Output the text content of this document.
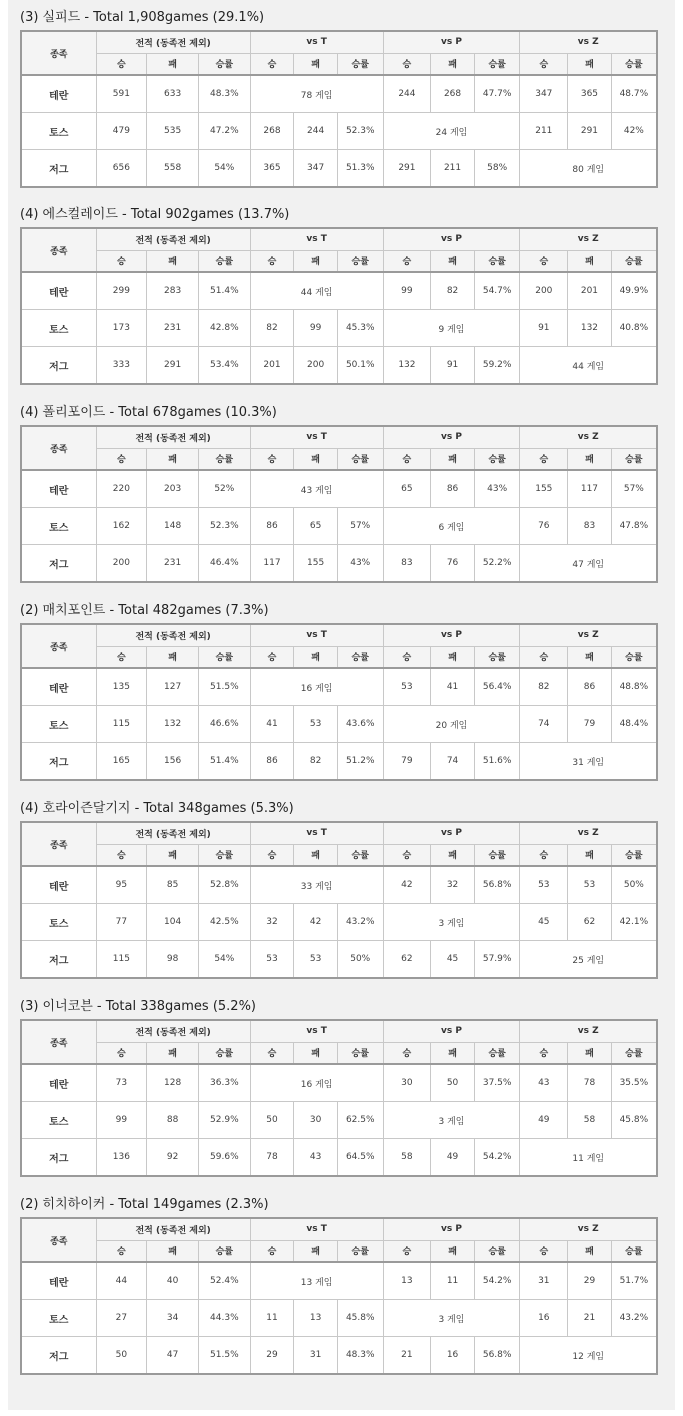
(3) 실피드 - Total 1,908games (29.1%)
종족	전적 (동족전 제외)			vs T			vs P			vs Z		
	승	패	승률	승	패	승률	승	패	승률	승	패	승률
테란	591	633	48.3%	78 게임			244	268	47.7%	347	365	48.7%
토스	479	535	47.2%	268	244	52.3%	24 게임			211	291	42%
저그	656	558	54%	365	347	51.3%	291	211	58%	80 게임		
(4) 에스컬레이드 - Total 902games (13.7%)
종족	전적 (동족전 제외)			vs T			vs P			vs Z		
	승	패	승률	승	패	승률	승	패	승률	승	패	승률
테란	299	283	51.4%	44 게임			99	82	54.7%	200	201	49.9%
토스	173	231	42.8%	82	99	45.3%	9 게임			91	132	40.8%
저그	333	291	53.4%	201	200	50.1%	132	91	59.2%	44 게임		
(4) 폴리포이드 - Total 678games (10.3%)
종족	전적 (동족전 제외)			vs T			vs P			vs Z		
	승	패	승률	승	패	승률	승	패	승률	승	패	승률
테란	220	203	52%	43 게임			65	86	43%	155	117	57%
토스	162	148	52.3%	86	65	57%	6 게임			76	83	47.8%
저그	200	231	46.4%	117	155	43%	83	76	52.2%	47 게임		
(2) 매치포인트 - Total 482games (7.3%)
종족	전적 (동족전 제외)			vs T			vs P			vs Z		
	승	패	승률	승	패	승률	승	패	승률	승	패	승률
테란	135	127	51.5%	16 게임			53	41	56.4%	82	86	48.8%
토스	115	132	46.6%	41	53	43.6%	20 게임			74	79	48.4%
저그	165	156	51.4%	86	82	51.2%	79	74	51.6%	31 게임		
(4) 호라이즌달기지 - Total 348games (5.3%)
종족	전적 (동족전 제외)			vs T			vs P			vs Z		
	승	패	승률	승	패	승률	승	패	승률	승	패	승률
테란	95	85	52.8%	33 게임			42	32	56.8%	53	53	50%
토스	77	104	42.5%	32	42	43.2%	3 게임			45	62	42.1%
저그	115	98	54%	53	53	50%	62	45	57.9%	25 게임		
(3) 이너코븐 - Total 338games (5.2%)
종족	전적 (동족전 제외)			vs T			vs P			vs Z		
	승	패	승률	승	패	승률	승	패	승률	승	패	승률
테란	73	128	36.3%	16 게임			30	50	37.5%	43	78	35.5%
토스	99	88	52.9%	50	30	62.5%	3 게임			49	58	45.8%
저그	136	92	59.6%	78	43	64.5%	58	49	54.2%	11 게임		
(2) 히치하이커 - Total 149games (2.3%)
종족	전적 (동족전 제외)			vs T			vs P			vs Z		
	승	패	승률	승	패	승률	승	패	승률	승	패	승률
테란	44	40	52.4%	13 게임			13	11	54.2%	31	29	51.7%
토스	27	34	44.3%	11	13	45.8%	3 게임			16	21	43.2%
저그	50	47	51.5%	29	31	48.3%	21	16	56.8%	12 게임		
